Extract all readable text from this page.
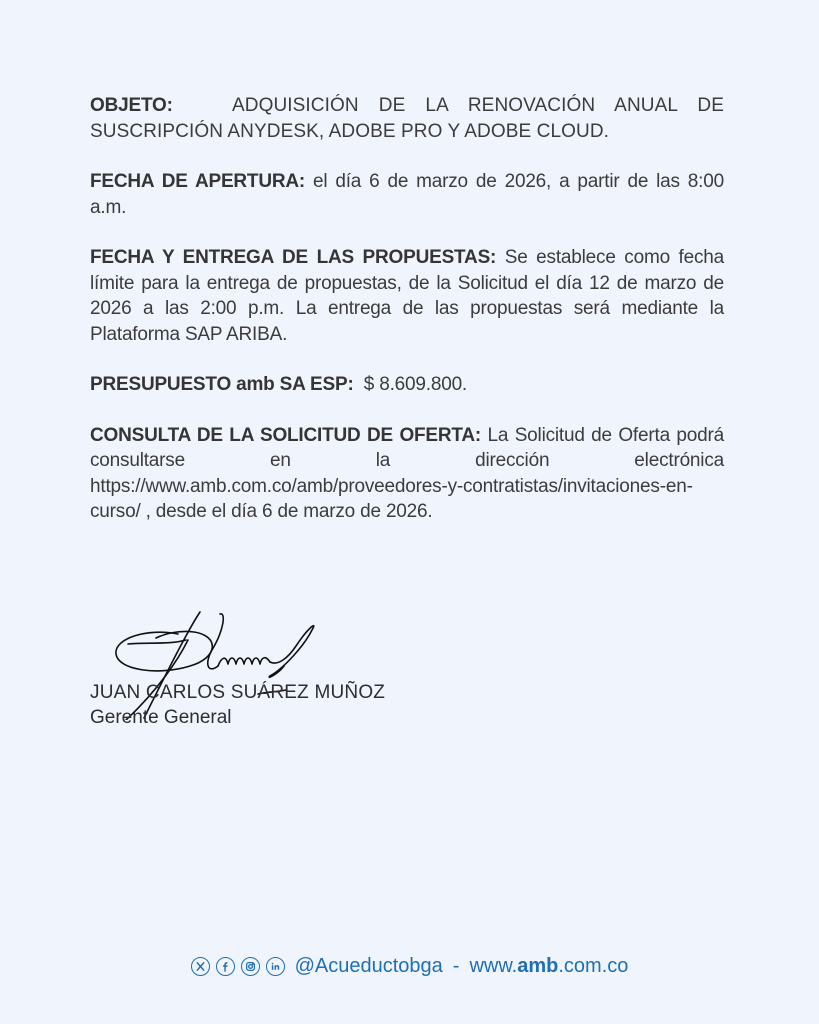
OBJETO:	ADQUISICIÓN DE LA RENOVACIÓN ANUAL DE SUSCRIPCIÓN ANYDESK, ADOBE PRO Y ADOBE CLOUD.

FECHA DE APERTURA: el día 6 de marzo de 2026, a partir de las 8:00 a.m.

FECHA Y ENTREGA DE LAS PROPUESTAS: Se establece como fecha límite para la entrega de propuestas, de la Solicitud el día 12 de marzo de 2026 a las 2:00 p.m. La entrega de las propuestas será mediante la Plataforma SAP ARIBA.

PRESUPUESTO amb SA ESP: $ 8.609.800.

CONSULTA DE LA SOLICITUD DE OFERTA: La Solicitud de Oferta podrá consultarse en la dirección electrónica https://www.amb.com.co/amb/proveedores-y-contratistas/invitaciones-en-curso/ , desde el día 6 de marzo de 2026.

JUAN CARLOS SUÁREZ MUÑOZ
Gerente General
@Acueductobga - www.amb.com.co
